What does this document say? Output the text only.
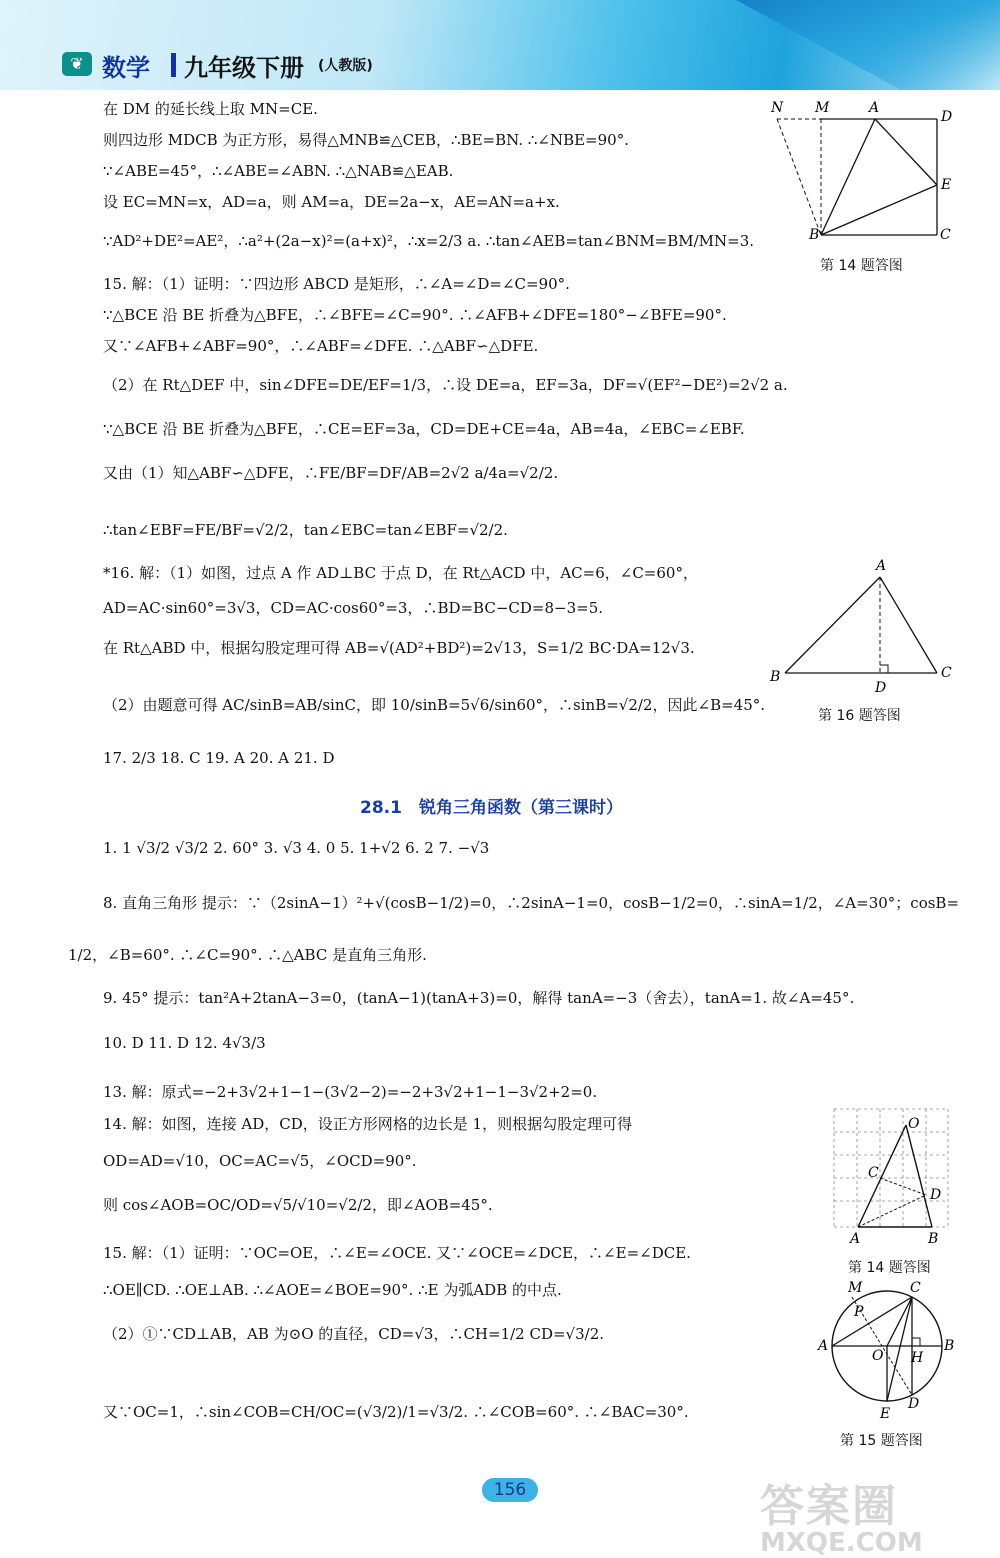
❦ 数学 九年级下册 (人教版)
在 DM 的延长线上取 MN=CE.
则四边形 MDCB 为正方形，易得△MNB≌△CEB，∴BE=BN. ∴∠NBE=90°.
∵∠ABE=45°，∴∠ABE=∠ABN. ∴△NAB≌△EAB.
设 EC=MN=x，AD=a，则 AM=a，DE=2a−x，AE=AN=a+x.
∵AD²+DE²=AE²，∴a²+(2a−x)²=(a+x)²，∴x=2/3 a. ∴tan∠AEB=tan∠BNM=BM/MN=3.
15. 解：（1）证明：∵四边形 ABCD 是矩形，∴∠A=∠D=∠C=90°.
∵△BCE 沿 BE 折叠为△BFE，∴∠BFE=∠C=90°. ∴∠AFB+∠DFE=180°−∠BFE=90°.
又∵∠AFB+∠ABF=90°，∴∠ABF=∠DFE. ∴△ABF∽△DFE.
（2）在 Rt△DEF 中，sin∠DFE=DE/EF=1/3，∴设 DE=a，EF=3a，DF=√(EF²−DE²)=2√2 a.
∵△BCE 沿 BE 折叠为△BFE，∴CE=EF=3a，CD=DE+CE=4a，AB=4a，∠EBC=∠EBF.
又由（1）知△ABF∽△DFE，∴FE/BF=DF/AB=2√2 a/4a=√2/2.
∴tan∠EBF=FE/BF=√2/2，tan∠EBC=tan∠EBF=√2/2.
*16. 解：（1）如图，过点 A 作 AD⊥BC 于点 D，在 Rt△ACD 中，AC=6，∠C=60°，
AD=AC·sin60°=3√3，CD=AC·cos60°=3，∴BD=BC−CD=8−3=5.
在 Rt△ABD 中，根据勾股定理可得 AB=√(AD²+BD²)=2√13，S=1/2 BC·DA=12√3.
（2）由题意可得 AC/sinB=AB/sinC，即 10/sinB=5√6/sin60°，∴sinB=√2/2，因此∠B=45°.
17. 2/3 18. C 19. A 20. A 21. D
28.1　锐角三角函数（第三课时）
1. 1 √3/2 √3/2 2. 60° 3. √3 4. 0 5. 1+√2 6. 2 7. −√3
8. 直角三角形 提示：∵（2sinA−1）²+√(cosB−1/2)=0，∴2sinA−1=0，cosB−1/2=0，∴sinA=1/2，∠A=30°；cosB=
1/2，∠B=60°. ∴∠C=90°. ∴△ABC 是直角三角形.
9. 45° 提示：tan²A+2tanA−3=0，(tanA−1)(tanA+3)=0，解得 tanA=−3（舍去），tanA=1. 故∠A=45°.
10. D 11. D 12. 4√3/3
13. 解：原式=−2+3√2+1−1−(3√2−2)=−2+3√2+1−1−3√2+2=0.
14. 解：如图，连接 AD，CD，设正方形网格的边长是 1，则根据勾股定理可得
OD=AD=√10，OC=AC=√5，∠OCD=90°.
则 cos∠AOB=OC/OD=√5/√10=√2/2，即∠AOB=45°.
15. 解：（1）证明：∵OC=OE，∴∠E=∠OCE. 又∵∠OCE=∠DCE，∴∠E=∠DCE.
∴OE∥CD. ∴OE⊥AB. ∴∠AOE=∠BOE=90°. ∴E 为弧ADB 的中点.
（2）①∵CD⊥AB，AB 为⊙O 的直径，CD=√3，∴CH=1/2 CD=√3/2.
又∵OC=1，∴sin∠COB=CH/OC=(√3/2)/1=√3/2. ∴∠COB=60°. ∴∠BAC=30°.
N M	A
D
E
B	C
第 14 题答图
A
B	C
D
第 16 题答图
O
C
D
A	B
第 14 题答图
M	C
P
A
O H
B
D
E
第 15 题答图
156	答案圈
MXQE.COM
